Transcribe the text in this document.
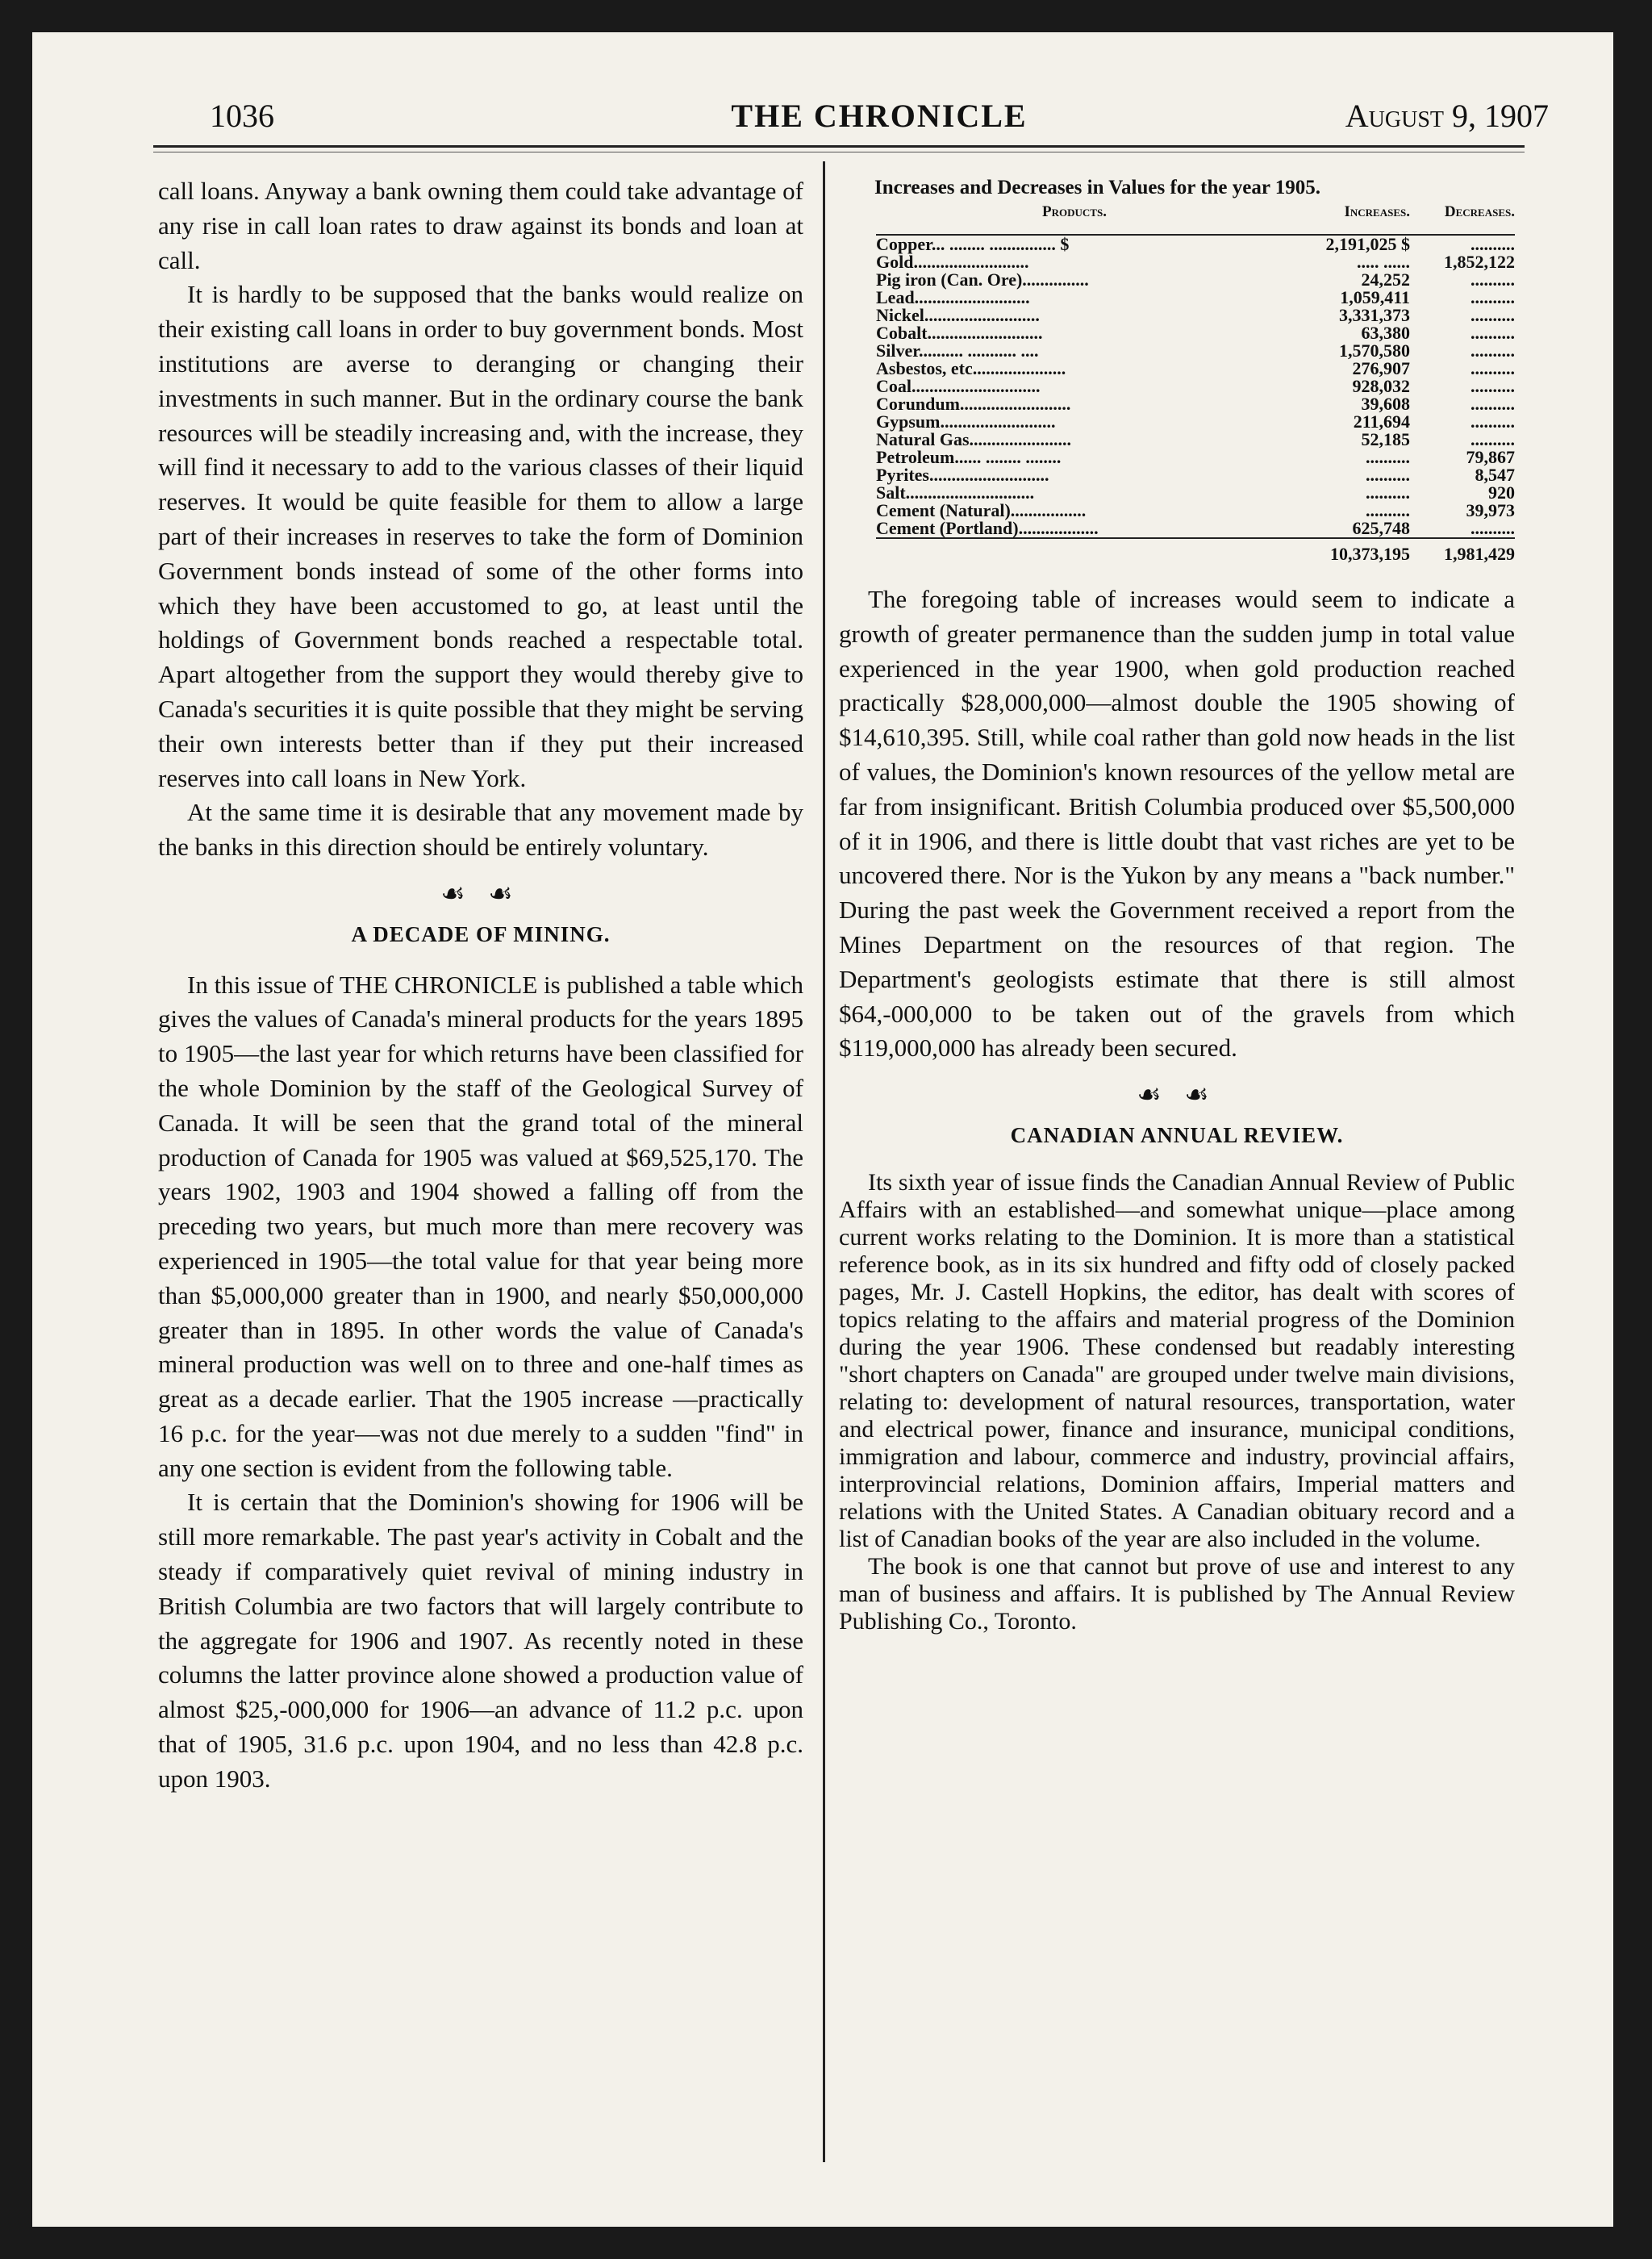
1036	THE CHRONICLE	August 9, 1907

call loans. Anyway a bank owning them could take advantage of any rise in call loan rates to draw against its bonds and loan at call.

It is hardly to be supposed that the banks would realize on their existing call loans in order to buy government bonds. Most institutions are averse to deranging or changing their investments in such manner. But in the ordinary course the bank resources will be steadily increasing and, with the increase, they will find it necessary to add to the various classes of their liquid reserves. It would be quite feasible for them to allow a large part of their increases in reserves to take the form of Dominion Government bonds instead of some of the other forms into which they have been accustomed to go, at least until the holdings of Government bonds reached a respectable total. Apart altogether from the support they would thereby give to Canada's securities it is quite possible that they might be serving their own interests better than if they put their increased reserves into call loans in New York.

At the same time it is desirable that any movement made by the banks in this direction should be entirely voluntary.

☙ ☙
A DECADE OF MINING.

In this issue of THE CHRONICLE is published a table which gives the values of Canada's mineral products for the years 1895 to 1905—the last year for which returns have been classified for the whole Dominion by the staff of the Geological Survey of Canada. It will be seen that the grand total of the mineral production of Canada for 1905 was valued at $69,525,170. The years 1902, 1903 and 1904 showed a falling off from the preceding two years, but much more than mere recovery was experienced in 1905—the total value for that year being more than $5,000,000 greater than in 1900, and nearly $50,000,000 greater than in 1895. In other words the value of Canada's mineral production was well on to three and one-half times as great as a decade earlier. That the 1905 increase —practically 16 p.c. for the year—was not due merely to a sudden "find" in any one section is evident from the following table.

It is certain that the Dominion's showing for 1906 will be still more remarkable. The past year's activity in Cobalt and the steady if comparatively quiet revival of mining industry in British Columbia are two factors that will largely contribute to the aggregate for 1906 and 1907. As recently noted in these columns the latter province alone showed a production value of almost $25,-000,000 for 1906—an advance of 11.2 p.c. upon that of 1905, 31.6 p.c. upon 1904, and no less than 42.8 p.c. upon 1903.

Increases and Decreases in Values for the year 1905.
Products.	Increases.	Decreases.
Copper... ........ ............... $	2,191,025 $	..........
Gold..........................	..... ......	1,852,122
Pig iron (Can. Ore)...............	24,252	..........
Lead..........................	1,059,411	..........
Nickel..........................	3,331,373	..........
Cobalt..........................	63,380	..........
Silver.......... ........... ....	1,570,580	..........
Asbestos, etc.....................	276,907	..........
Coal.............................	928,032	..........
Corundum.........................	39,608	..........
Gypsum..........................	211,694	..........
Natural Gas.......................	52,185	..........
Petroleum...... ........ ........	..........	79,867
Pyrites...........................	..........	8,547
Salt.............................	..........	920
Cement (Natural).................	..........	39,973
Cement (Portland)..................	625,748	..........
	10,373,195	1,981,429

The foregoing table of increases would seem to indicate a growth of greater permanence than the sudden jump in total value experienced in the year 1900, when gold production reached practically $28,000,000—almost double the 1905 showing of $14,610,395. Still, while coal rather than gold now heads in the list of values, the Dominion's known resources of the yellow metal are far from insignificant. British Columbia produced over $5,500,000 of it in 1906, and there is little doubt that vast riches are yet to be uncovered there. Nor is the Yukon by any means a "back number." During the past week the Government received a report from the Mines Department on the resources of that region. The Department's geologists estimate that there is still almost $64,-000,000 to be taken out of the gravels from which $119,000,000 has already been secured.

☙ ☙
CANADIAN ANNUAL REVIEW.

Its sixth year of issue finds the Canadian Annual Review of Public Affairs with an established—and somewhat unique—place among current works relating to the Dominion. It is more than a statistical reference book, as in its six hundred and fifty odd of closely packed pages, Mr. J. Castell Hopkins, the editor, has dealt with scores of topics relating to the affairs and material progress of the Dominion during the year 1906. These condensed but readably interesting "short chapters on Canada" are grouped under twelve main divisions, relating to: development of natural resources, transportation, water and electrical power, finance and insurance, municipal conditions, immigration and labour, commerce and industry, provincial affairs, interprovincial relations, Dominion affairs, Imperial matters and relations with the United States. A Canadian obituary record and a list of Canadian books of the year are also included in the volume.

The book is one that cannot but prove of use and interest to any man of business and affairs. It is published by The Annual Review Publishing Co., Toronto.
